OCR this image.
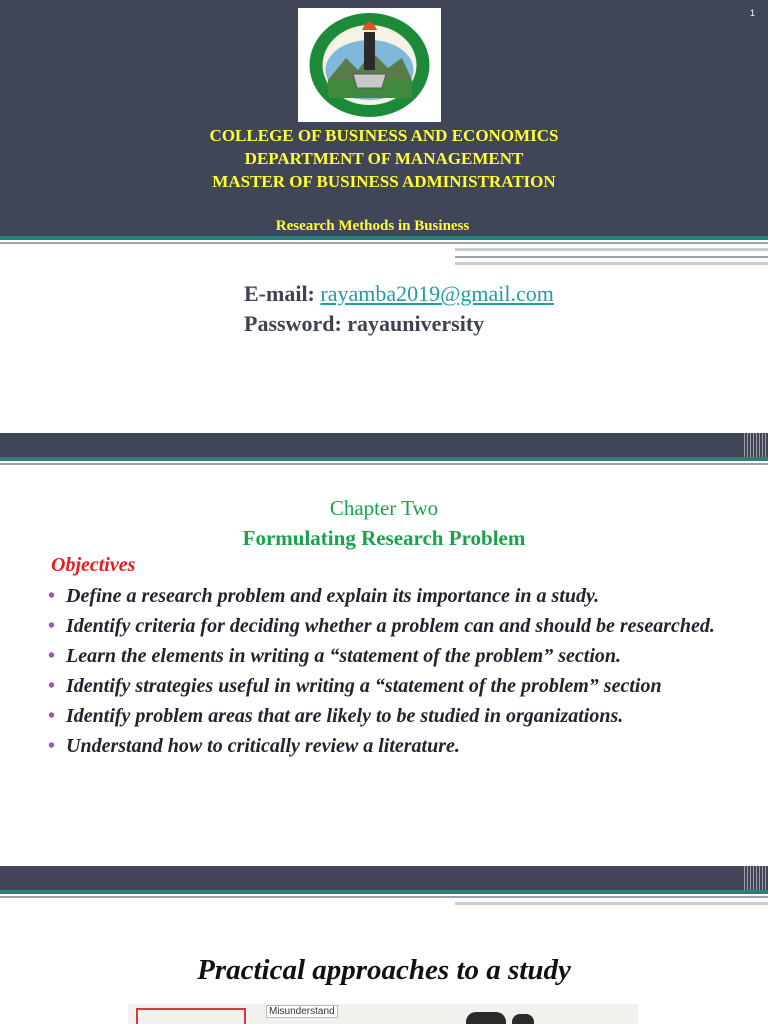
1
COLLEGE OF BUSINESS AND ECONOMICS
DEPARTMENT OF MANAGEMENT
MASTER OF BUSINESS ADMINISTRATION
Research Methods in Business
E-mail: rayamba2019@gmail.com
Password: rayauniversity
Chapter Two
Formulating Research Problem
Objectives
• Define a research problem and explain its importance in a study.
• Identify criteria for deciding whether a problem can and should be researched.
• Learn the elements in writing a “statement of the problem” section.
• Identify strategies useful in writing a “statement of the problem” section
• Identify problem areas that are likely to be studied in organizations.
• Understand how to critically review a literature.
Practical approaches to a study
Misunderstand
